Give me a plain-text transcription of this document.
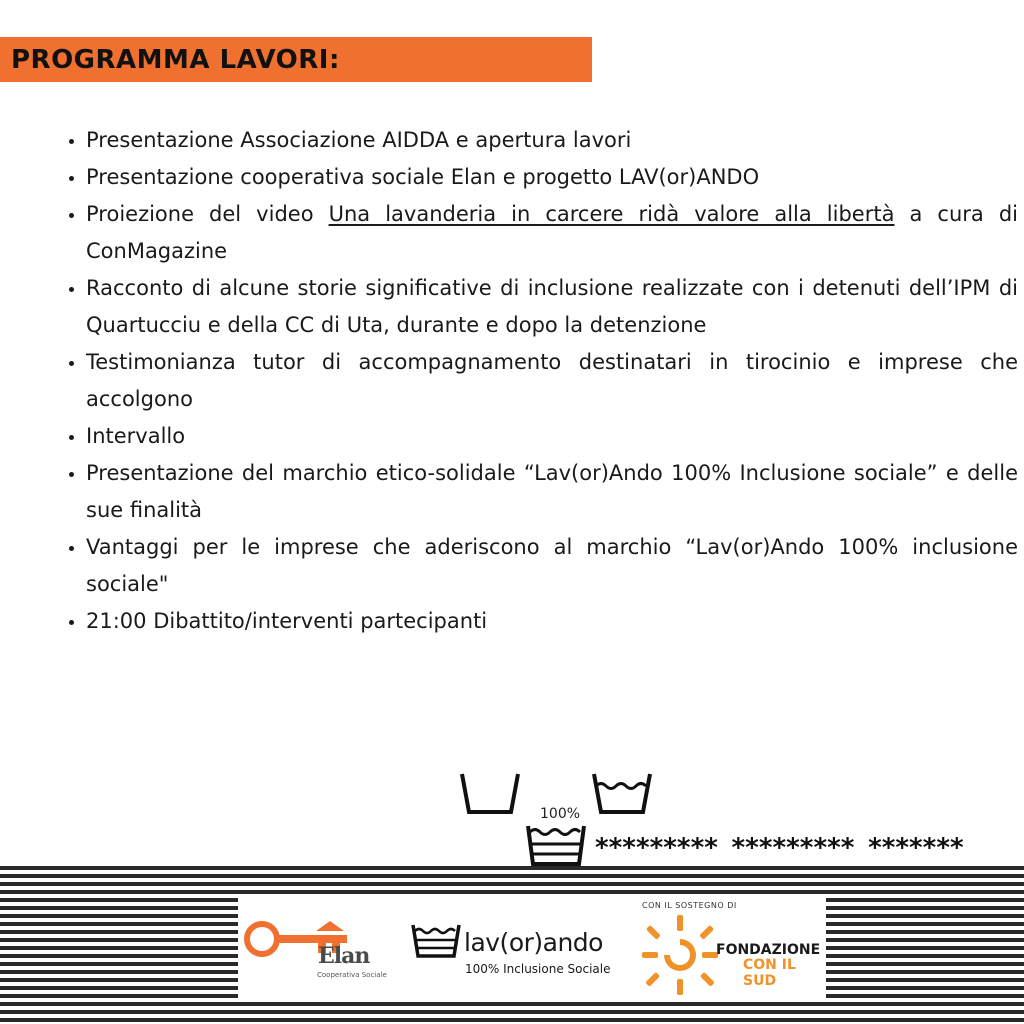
PROGRAMMA LAVORI:
• Presentazione Associazione AIDDA e apertura lavori
• Presentazione cooperativa sociale Elan e progetto LAV(or)ANDO
• Proiezione del video Una lavanderia in carcere ridà valore alla libertà a cura di ConMagazine
• Racconto di alcune storie significative di inclusione realizzate con i detenuti dell’IPM di Quartucciu e della CC di Uta, durante e dopo la detenzione
• Testimonianza tutor di accompagnamento destinatari in tirocinio e imprese che accolgono
• Intervallo
• Presentazione del marchio etico-solidale “Lav(or)Ando 100% Inclusione sociale” e delle sue finalità
• Vantaggi per le imprese che aderiscono al marchio “Lav(or)Ando 100% inclusione sociale"
• 21:00 Dibattito/interventi partecipanti
100%
********* ********* *******
Elan
Cooperativa Sociale
lav(or)ando
100% Inclusione Sociale
CON IL SOSTEGNO DI
FONDAZIONE
CON IL SUD
